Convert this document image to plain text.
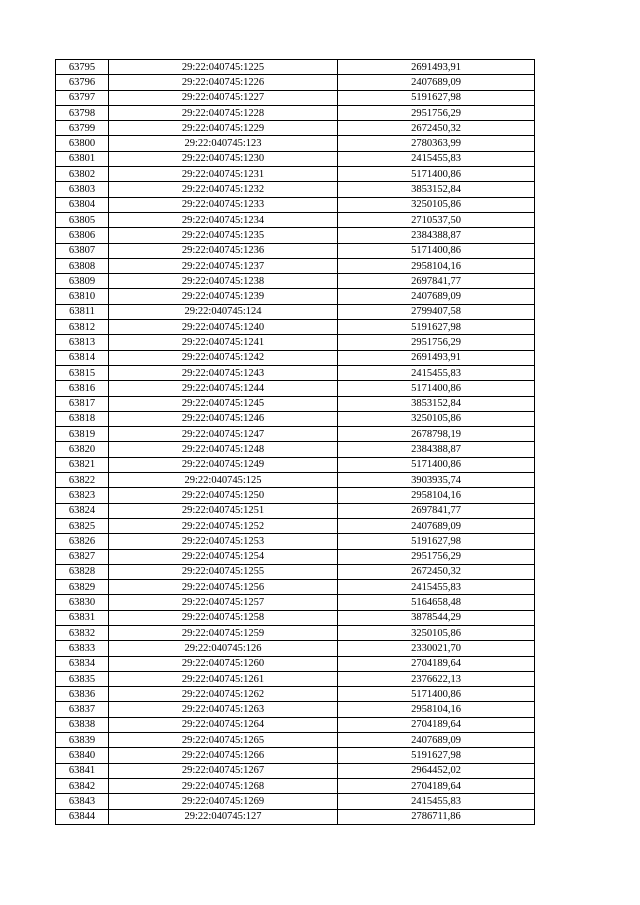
63795	29:22:040745:1225	2691493,91
63796	29:22:040745:1226	2407689,09
63797	29:22:040745:1227	5191627,98
63798	29:22:040745:1228	2951756,29
63799	29:22:040745:1229	2672450,32
63800	29:22:040745:123	2780363,99
63801	29:22:040745:1230	2415455,83
63802	29:22:040745:1231	5171400,86
63803	29:22:040745:1232	3853152,84
63804	29:22:040745:1233	3250105,86
63805	29:22:040745:1234	2710537,50
63806	29:22:040745:1235	2384388,87
63807	29:22:040745:1236	5171400,86
63808	29:22:040745:1237	2958104,16
63809	29:22:040745:1238	2697841,77
63810	29:22:040745:1239	2407689,09
63811	29:22:040745:124	2799407,58
63812	29:22:040745:1240	5191627,98
63813	29:22:040745:1241	2951756,29
63814	29:22:040745:1242	2691493,91
63815	29:22:040745:1243	2415455,83
63816	29:22:040745:1244	5171400,86
63817	29:22:040745:1245	3853152,84
63818	29:22:040745:1246	3250105,86
63819	29:22:040745:1247	2678798,19
63820	29:22:040745:1248	2384388,87
63821	29:22:040745:1249	5171400,86
63822	29:22:040745:125	3903935,74
63823	29:22:040745:1250	2958104,16
63824	29:22:040745:1251	2697841,77
63825	29:22:040745:1252	2407689,09
63826	29:22:040745:1253	5191627,98
63827	29:22:040745:1254	2951756,29
63828	29:22:040745:1255	2672450,32
63829	29:22:040745:1256	2415455,83
63830	29:22:040745:1257	5164658,48
63831	29:22:040745:1258	3878544,29
63832	29:22:040745:1259	3250105,86
63833	29:22:040745:126	2330021,70
63834	29:22:040745:1260	2704189,64
63835	29:22:040745:1261	2376622,13
63836	29:22:040745:1262	5171400,86
63837	29:22:040745:1263	2958104,16
63838	29:22:040745:1264	2704189,64
63839	29:22:040745:1265	2407689,09
63840	29:22:040745:1266	5191627,98
63841	29:22:040745:1267	2964452,02
63842	29:22:040745:1268	2704189,64
63843	29:22:040745:1269	2415455,83
63844	29:22:040745:127	2786711,86
